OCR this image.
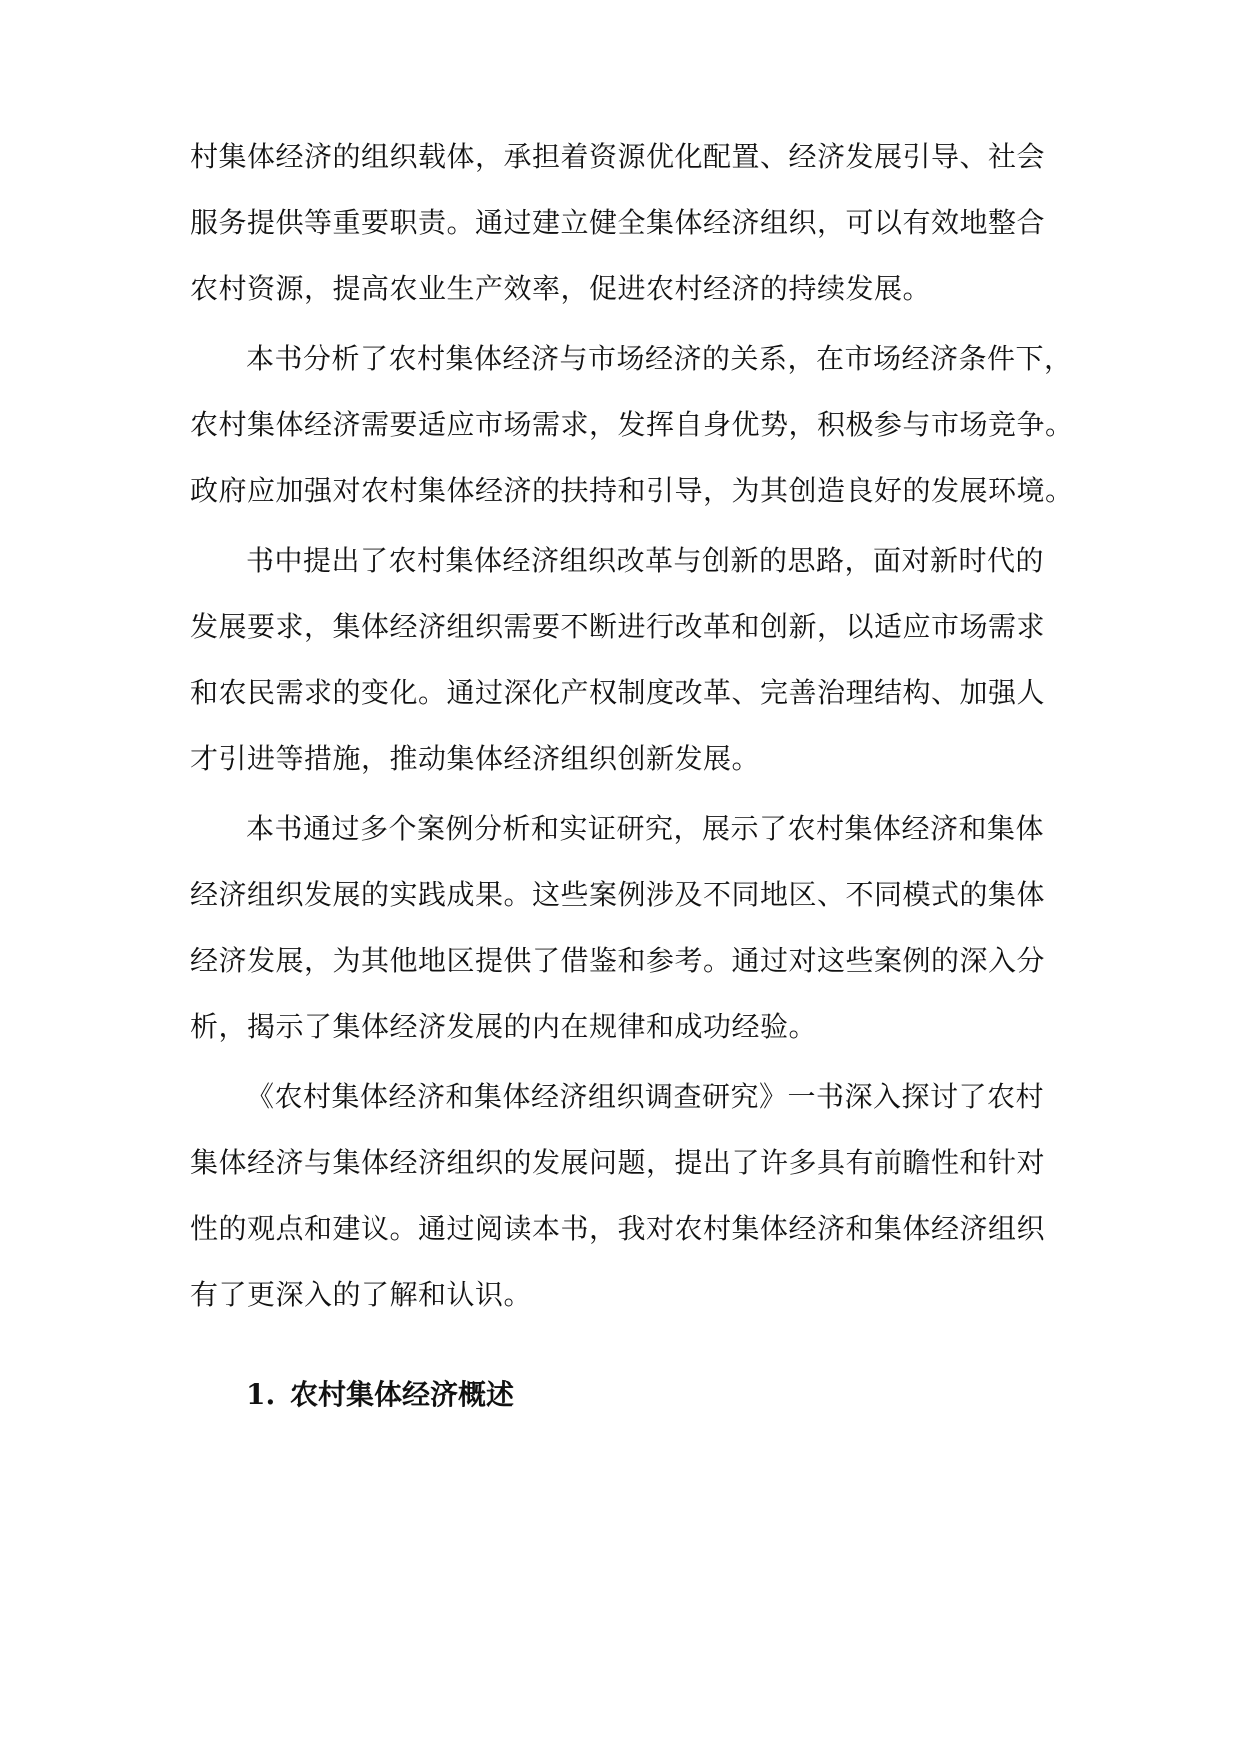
村集体经济的组织载体，承担着资源优化配置、经济发展引导、社会
服务提供等重要职责。通过建立健全集体经济组织，可以有效地整合
农村资源，提高农业生产效率，促进农村经济的持续发展。
本书分析了农村集体经济与市场经济的关系，在市场经济条件下，
农村集体经济需要适应市场需求，发挥自身优势，积极参与市场竞争。
政府应加强对农村集体经济的扶持和引导，为其创造良好的发展环境。
书中提出了农村集体经济组织改革与创新的思路，面对新时代的
发展要求，集体经济组织需要不断进行改革和创新，以适应市场需求
和农民需求的变化。通过深化产权制度改革、完善治理结构、加强人
才引进等措施，推动集体经济组织创新发展。
本书通过多个案例分析和实证研究，展示了农村集体经济和集体
经济组织发展的实践成果。这些案例涉及不同地区、不同模式的集体
经济发展，为其他地区提供了借鉴和参考。通过对这些案例的深入分
析，揭示了集体经济发展的内在规律和成功经验。
《农村集体经济和集体经济组织调查研究》一书深入探讨了农村
集体经济与集体经济组织的发展问题，提出了许多具有前瞻性和针对
性的观点和建议。通过阅读本书，我对农村集体经济和集体经济组织
有了更深入的了解和认识。
1. 农村集体经济概述
